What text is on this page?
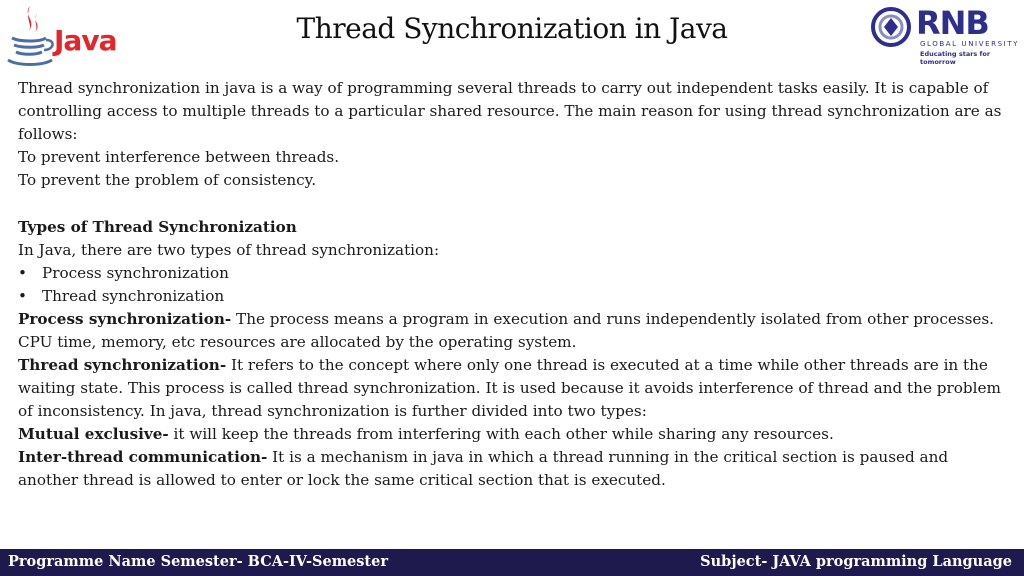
Java	Thread Synchronization in Java	RNB
GLOBAL UNIVERSITY
Educating stars for tomorrow

Thread synchronization in java is a way of programming several threads to carry out independent tasks easily. It is capable of controlling access to multiple threads to a particular shared resource. The main reason for using thread synchronization are as follows:

To prevent interference between threads.

To prevent the problem of consistency.

Types of Thread Synchronization

In Java, there are two types of thread synchronization:

• Process synchronization
• Thread synchronization

Process synchronization- The process means a program in execution and runs independently isolated from other processes. CPU time, memory, etc resources are allocated by the operating system.

Thread synchronization- It refers to the concept where only one thread is executed at a time while other threads are in the waiting state. This process is called thread synchronization. It is used because it avoids interference of thread and the problem of inconsistency. In java, thread synchronization is further divided into two types:

Mutual exclusive- it will keep the threads from interfering with each other while sharing any resources.

Inter-thread communication- It is a mechanism in java in which a thread running in the critical section is paused and another thread is allowed to enter or lock the same critical section that is executed.

Programme Name Semester- BCA-IV-Semester	Subject- JAVA programming Language
